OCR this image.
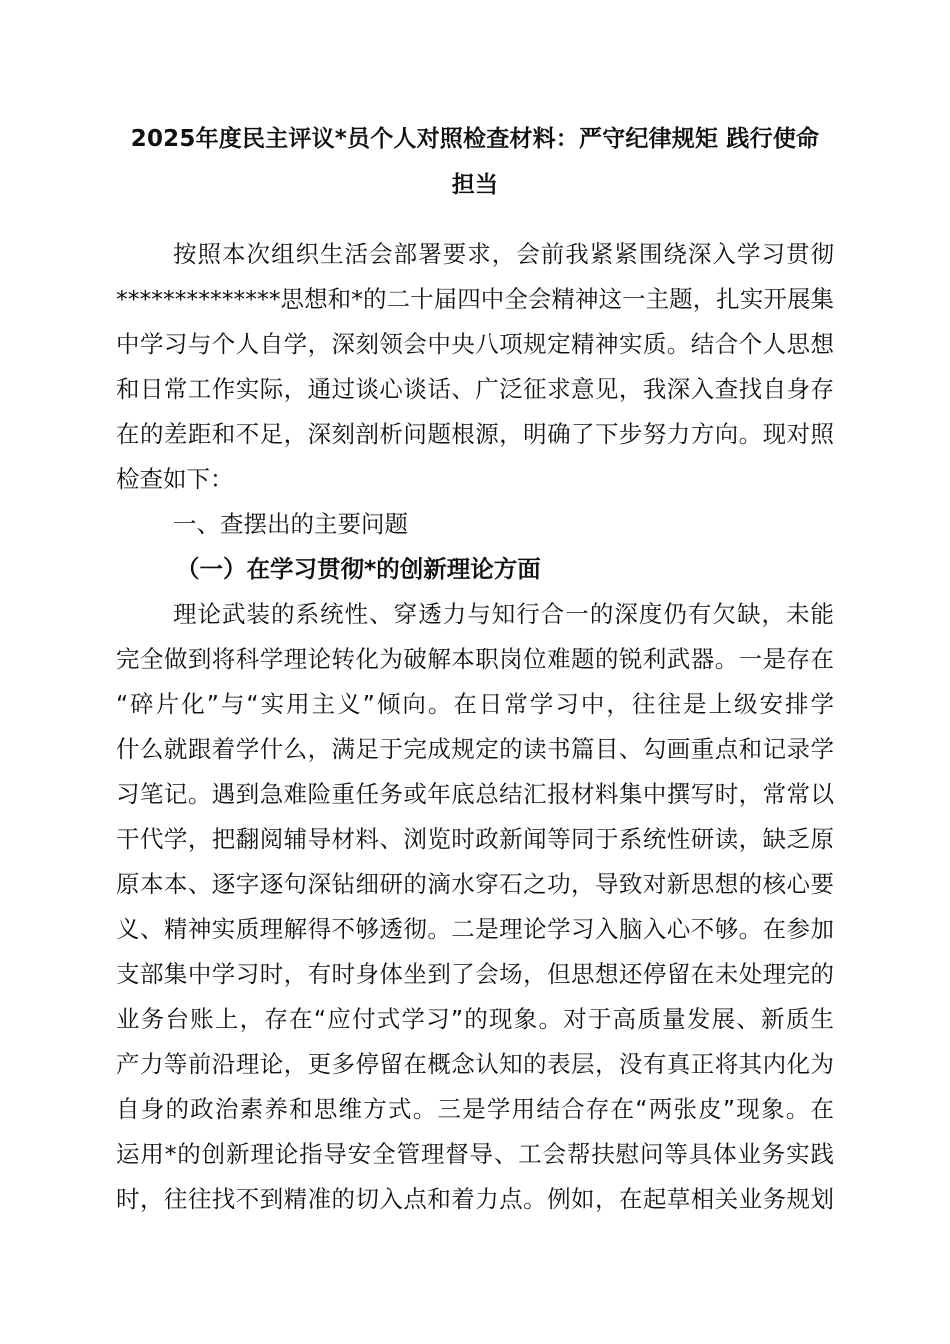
2025年度民主评议*员个人对照检查材料：严守纪律规矩 践行使命
担当
按照本次组织生活会部署要求，会前我紧紧围绕深入学习贯彻
**************思想和*的二十届四中全会精神这一主题，扎实开展集
中学习与个人自学，深刻领会中央八项规定精神实质。结合个人思想
和日常工作实际，通过谈心谈话、广泛征求意见，我深入查找自身存
在的差距和不足，深刻剖析问题根源，明确了下步努力方向。现对照
检查如下：
一、查摆出的主要问题
（一）在学习贯彻*的创新理论方面
理论武装的系统性、穿透力与知行合一的深度仍有欠缺，未能
完全做到将科学理论转化为破解本职岗位难题的锐利武器。一是存在
“碎片化”与“实用主义”倾向。在日常学习中，往往是上级安排学
什么就跟着学什么，满足于完成规定的读书篇目、勾画重点和记录学
习笔记。遇到急难险重任务或年底总结汇报材料集中撰写时，常常以
干代学，把翻阅辅导材料、浏览时政新闻等同于系统性研读，缺乏原
原本本、逐字逐句深钻细研的滴水穿石之功，导致对新思想的核心要
义、精神实质理解得不够透彻。二是理论学习入脑入心不够。在参加
支部集中学习时，有时身体坐到了会场，但思想还停留在未处理完的
业务台账上，存在“应付式学习”的现象。对于高质量发展、新质生
产力等前沿理论，更多停留在概念认知的表层，没有真正将其内化为
自身的政治素养和思维方式。三是学用结合存在“两张皮”现象。在
运用*的创新理论指导安全管理督导、工会帮扶慰问等具体业务实践
时，往往找不到精准的切入点和着力点。例如，在起草相关业务规划
